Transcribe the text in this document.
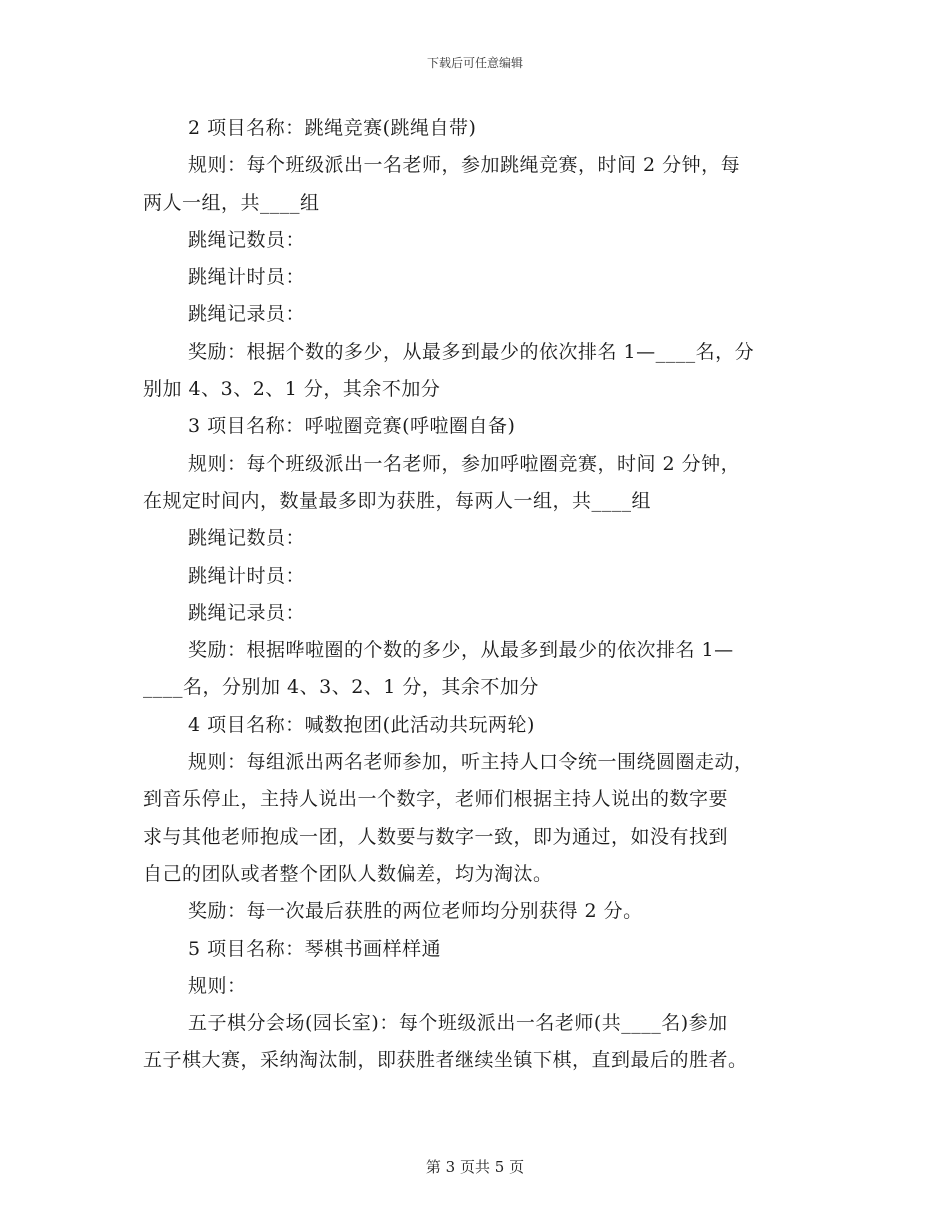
下载后可任意编辑
2 项目名称：跳绳竞赛(跳绳自带)
规则：每个班级派出一名老师，参加跳绳竞赛，时间 2 分钟，每
两人一组，共____组
跳绳记数员：
跳绳计时员：
跳绳记录员：
奖励：根据个数的多少，从最多到最少的依次排名 1—____名，分
别加 4、3、2、1 分，其余不加分
3 项目名称：呼啦圈竞赛(呼啦圈自备)
规则：每个班级派出一名老师，参加呼啦圈竞赛，时间 2 分钟，
在规定时间内，数量最多即为获胜，每两人一组，共____组
跳绳记数员：
跳绳计时员：
跳绳记录员：
奖励：根据哗啦圈的个数的多少，从最多到最少的依次排名 1—
____名，分别加 4、3、2、1 分，其余不加分
4 项目名称：喊数抱团(此活动共玩两轮)
规则：每组派出两名老师参加，听主持人口令统一围绕圆圈走动，
到音乐停止，主持人说出一个数字，老师们根据主持人说出的数字要
求与其他老师抱成一团，人数要与数字一致，即为通过，如没有找到
自己的团队或者整个团队人数偏差，均为淘汰。
奖励：每一次最后获胜的两位老师均分别获得 2 分。
5 项目名称：琴棋书画样样通
规则：
五子棋分会场(园长室)：每个班级派出一名老师(共____名)参加
五子棋大赛，采纳淘汰制，即获胜者继续坐镇下棋，直到最后的胜者。
第 3 页共 5 页
